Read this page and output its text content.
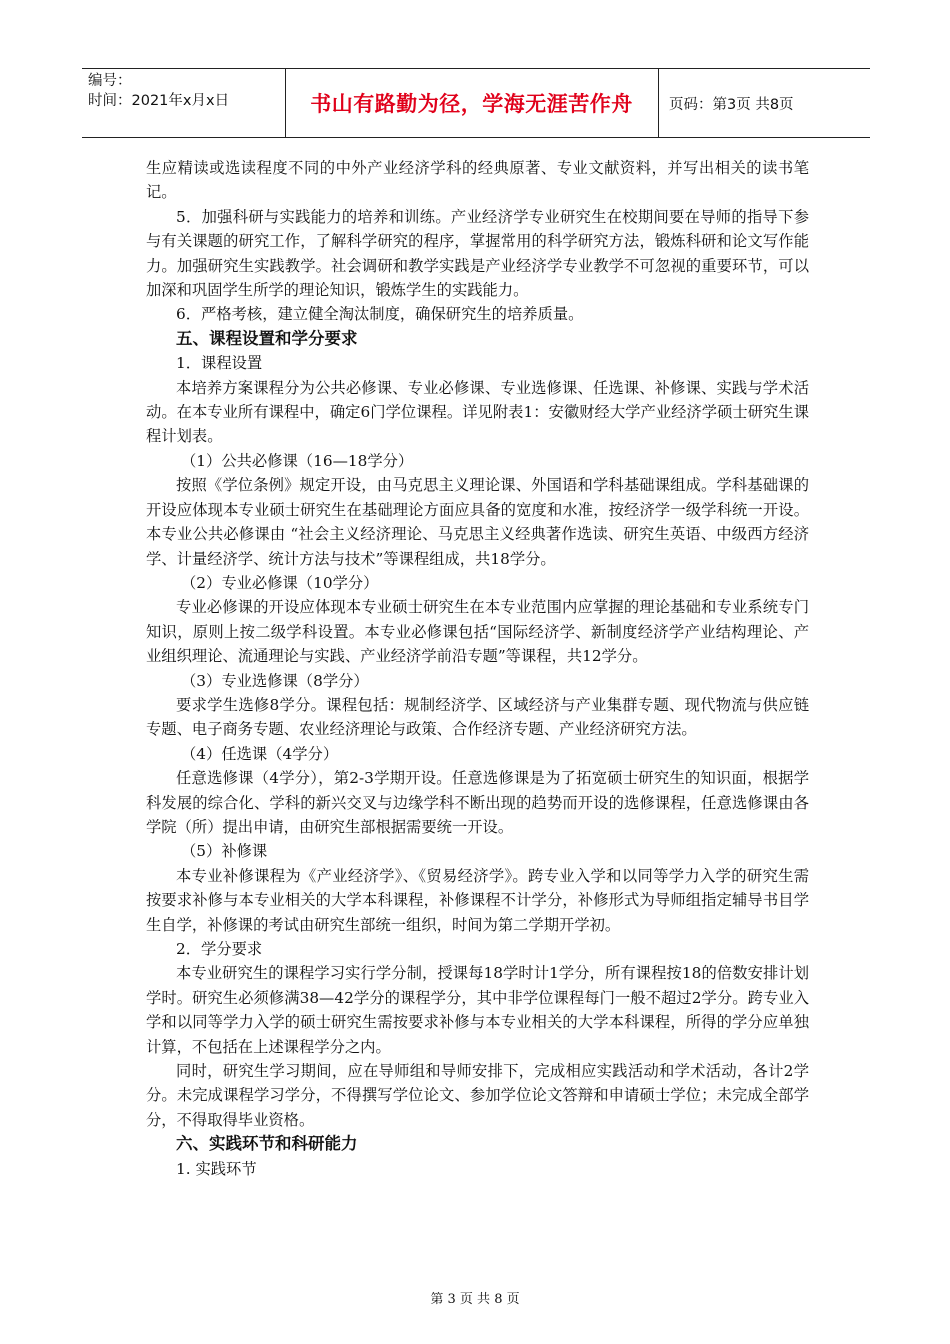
编号：
时间：2021年x月x日	书山有路勤为径，学海无涯苦作舟	页码：第3页 共8页

生应精读或选读程度不同的中外产业经济学科的经典原著、专业文献资料，并写出相关的读书笔记。

5．加强科研与实践能力的培养和训练。产业经济学专业研究生在校期间要在导师的指导下参与有关课题的研究工作，了解科学研究的程序，掌握常用的科学研究方法，锻炼科研和论文写作能力。加强研究生实践教学。社会调研和教学实践是产业经济学专业教学不可忽视的重要环节，可以加深和巩固学生所学的理论知识，锻炼学生的实践能力。

6．严格考核，建立健全淘汰制度，确保研究生的培养质量。

五、课程设置和学分要求

1．课程设置

本培养方案课程分为公共必修课、专业必修课、专业选修课、任选课、补修课、实践与学术活动。在本专业所有课程中，确定6门学位课程。详见附表1：安徽财经大学产业经济学硕士研究生课程计划表。

（1）公共必修课（16—18学分）

按照《学位条例》规定开设，由马克思主义理论课、外国语和学科基础课组成。学科基础课的开设应体现本专业硕士研究生在基础理论方面应具备的宽度和水准，按经济学一级学科统一开设。本专业公共必修课由 “社会主义经济理论、马克思主义经典著作选读、研究生英语、中级西方经济学、计量经济学、统计方法与技术”等课程组成，共18学分。

（2）专业必修课（10学分）

专业必修课的开设应体现本专业硕士研究生在本专业范围内应掌握的理论基础和专业系统专门知识，原则上按二级学科设置。本专业必修课包括“国际经济学、新制度经济学产业结构理论、产业组织理论、流通理论与实践、产业经济学前沿专题”等课程，共12学分。

（3）专业选修课（8学分）

要求学生选修8学分。课程包括：规制经济学、区域经济与产业集群专题、现代物流与供应链专题、电子商务专题、农业经济理论与政策、合作经济专题、产业经济研究方法。

（4）任选课（4学分）

任意选修课（4学分），第2-3学期开设。任意选修课是为了拓宽硕士研究生的知识面，根据学科发展的综合化、学科的新兴交叉与边缘学科不断出现的趋势而开设的选修课程，任意选修课由各学院（所）提出申请，由研究生部根据需要统一开设。

（5）补修课

本专业补修课程为《产业经济学》、《贸易经济学》。跨专业入学和以同等学力入学的研究生需按要求补修与本专业相关的大学本科课程，补修课程不计学分，补修形式为导师组指定辅导书目学生自学，补修课的考试由研究生部统一组织，时间为第二学期开学初。

2．学分要求

本专业研究生的课程学习实行学分制，授课每18学时计1学分，所有课程按18的倍数安排计划学时。研究生必须修满38—42学分的课程学分，其中非学位课程每门一般不超过2学分。跨专业入学和以同等学力入学的硕士研究生需按要求补修与本专业相关的大学本科课程，所得的学分应单独计算，不包括在上述课程学分之内。

同时，研究生学习期间，应在导师组和导师安排下，完成相应实践活动和学术活动，各计2学分。未完成课程学习学分，不得撰写学位论文、参加学位论文答辩和申请硕士学位；未完成全部学分，不得取得毕业资格。

六、实践环节和科研能力

1. 实践环节

第 3 页 共 8 页
